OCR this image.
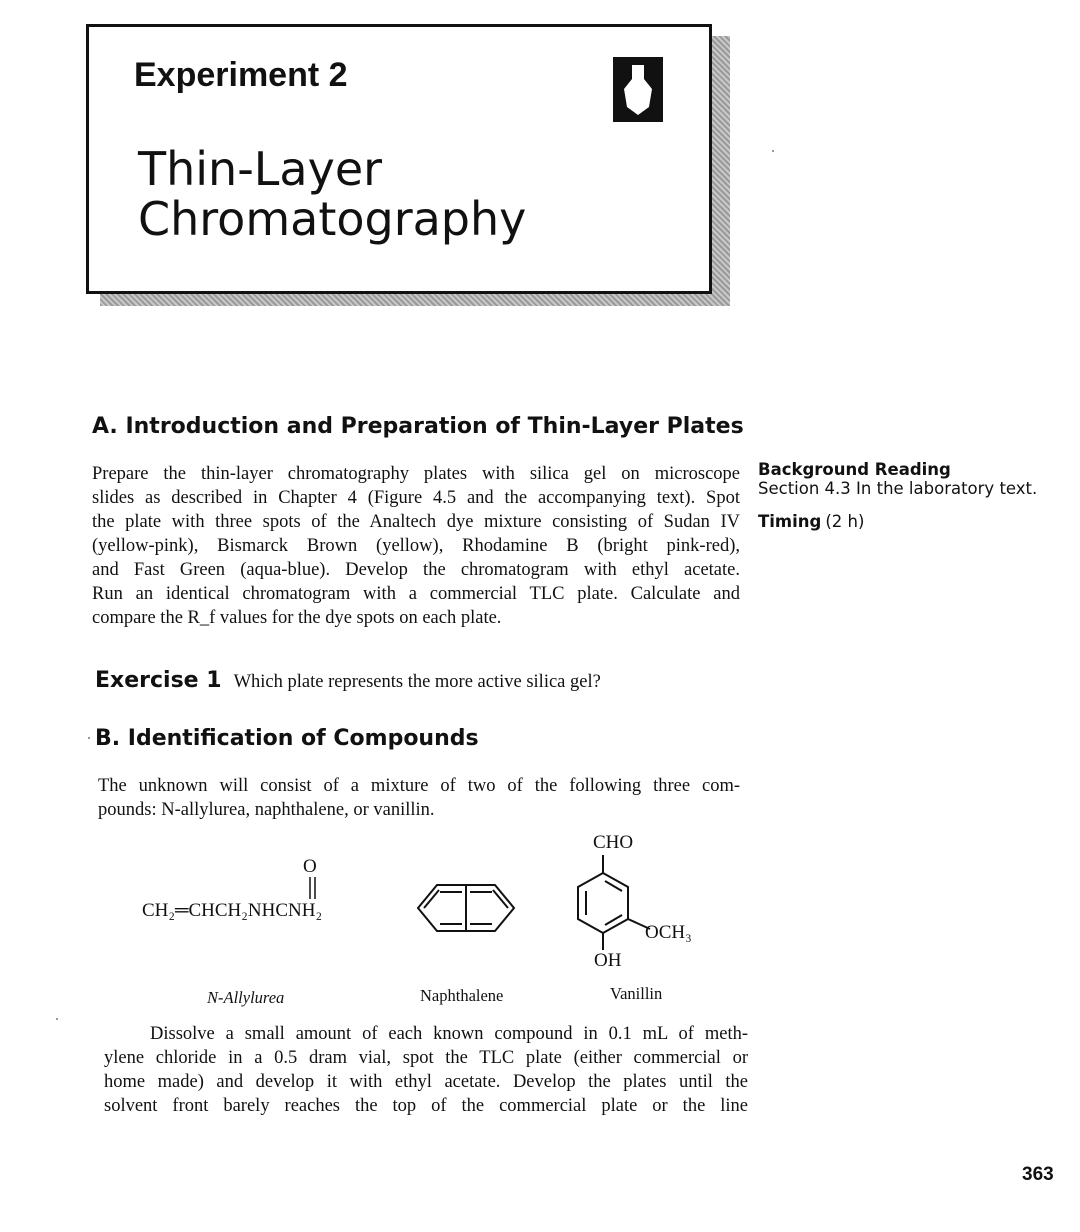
Experiment 2
Thin-Layer
Chromatography
A. Introduction and Preparation of Thin-Layer Plates
Prepare the thin-layer chromatography plates with silica gel on microscope
slides as described in Chapter 4 (Figure 4.5 and the accompanying text). Spot
the plate with three spots of the Analtech dye mixture consisting of Sudan IV
(yellow-pink), Bismarck Brown (yellow), Rhodamine B (bright pink-red),
and Fast Green (aqua-blue). Develop the chromatogram with ethyl acetate.
Run an identical chromatogram with a commercial TLC plate. Calculate and
compare the R_f values for the dye spots on each plate.
Background Reading
Section 4.3 In the laboratory text.
Timing (2 h)
Exercise 1 Which plate represents the more active silica gel?
B. Identification of Compounds
The unknown will consist of a mixture of two of the following three com-
pounds: N-allylurea, naphthalene, or vanillin.
O
CH₂═CHCH₂NHCNH₂
CHO
OCH₃
OH
N-Allylurea	Naphthalene	Vanillin
Dissolve a small amount of each known compound in 0.1 mL of meth-
ylene chloride in a 0.5 dram vial, spot the TLC plate (either commercial or
home made) and develop it with ethyl acetate. Develop the plates until the
solvent front barely reaches the top of the commercial plate or the line
363
